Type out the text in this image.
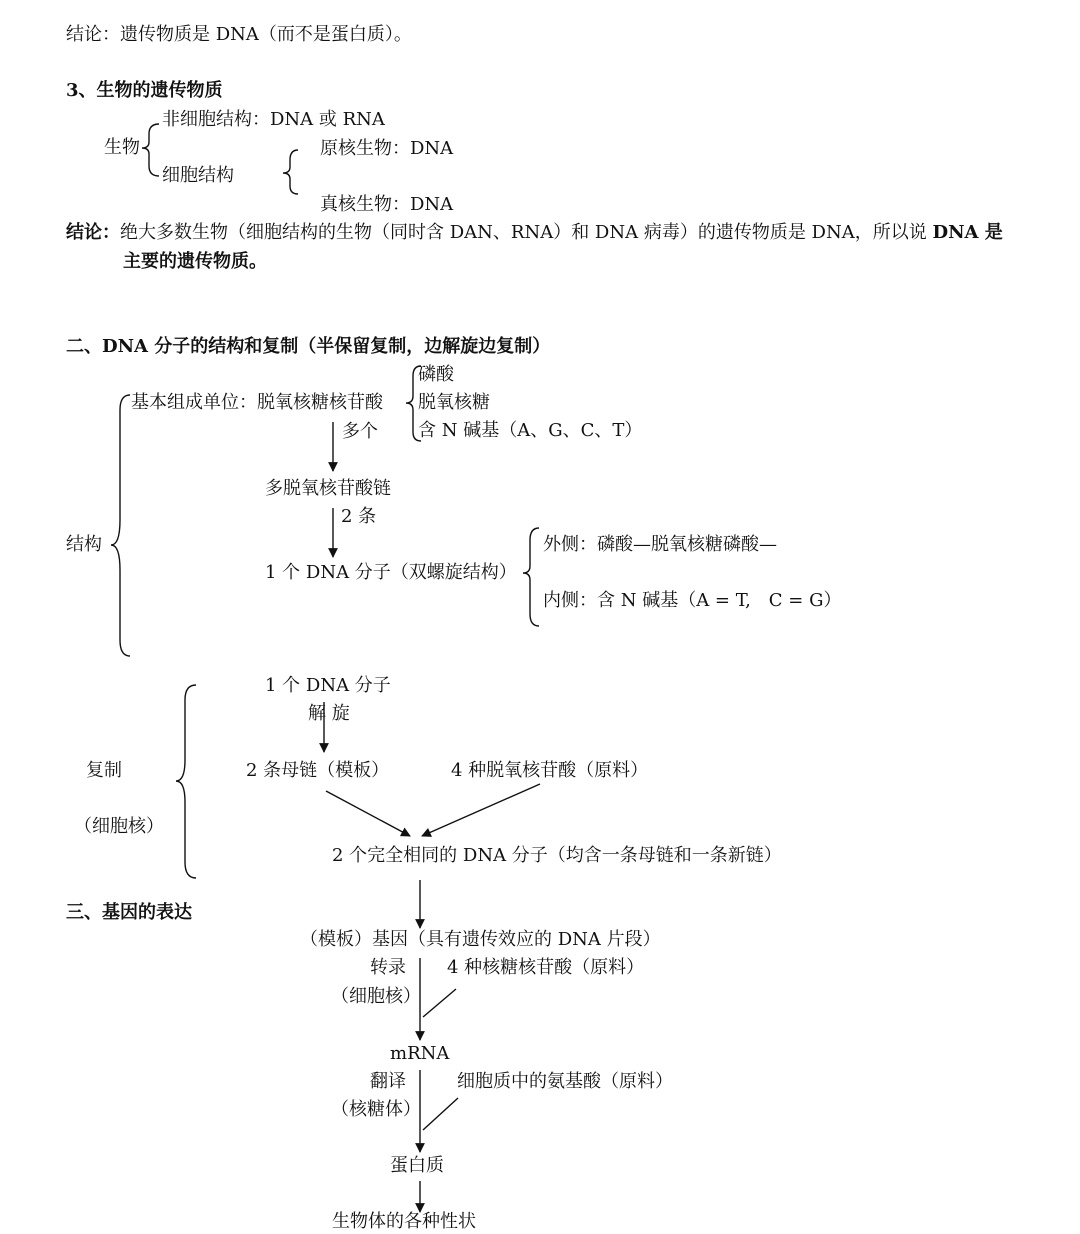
结论：遗传物质是 DNA（而不是蛋白质）。
3、生物的遗传物质
非细胞结构：DNA 或 RNA
生物	原核生物：DNA
细胞结构
真核生物：DNA
结论：绝大多数生物（细胞结构的生物（同时含 DAN、RNA）和 DNA 病毒）的遗传物质是 DNA，所以说 DNA 是
主要的遗传物质。
二、DNA 分子的结构和复制（半保留复制，边解旋边复制）
结构
基本组成单位：脱氧核糖核苷酸
磷酸
脱氧核糖
含 N 碱基（A、G、C、T）
多个
多脱氧核苷酸链
2 条
1 个 DNA 分子（双螺旋结构）
外侧：磷酸—脱氧核糖磷酸—
内侧：含 N 碱基（A = T,　C = G）
1 个 DNA 分子
解 旋
复制
（细胞核）
2 条母链（模板）	4 种脱氧核苷酸（原料）
2 个完全相同的 DNA 分子（均含一条母链和一条新链）
三、基因的表达
（模板）基因（具有遗传效应的 DNA 片段）
转录 4 种核糖核苷酸（原料）
（细胞核）
mRNA
翻译	细胞质中的氨基酸（原料）
（核糖体）
蛋白质
生物体的各种性状
